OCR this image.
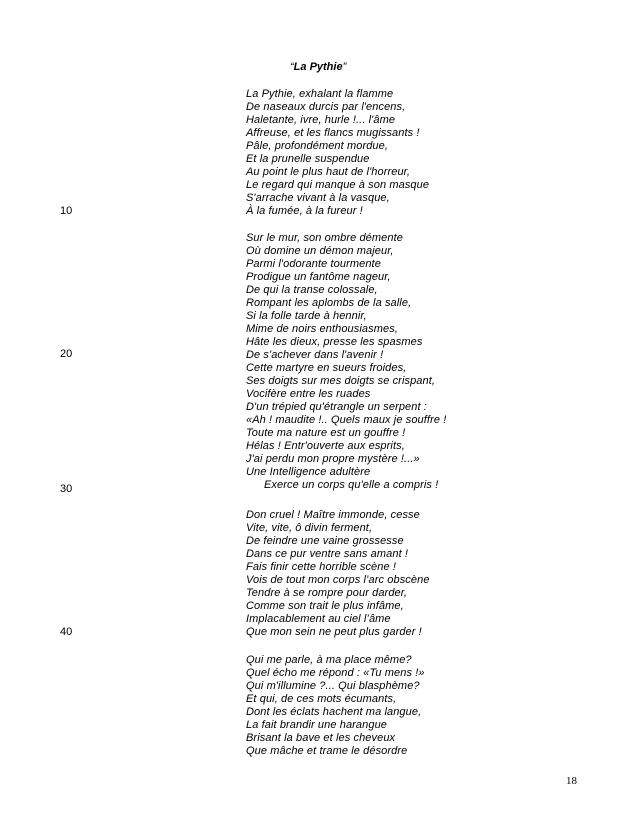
“La Pythie”
La Pythie, exhalant la flamme
De naseaux durcis par l'encens,
Haletante, ivre, hurle !... l'âme
Affreuse, et les flancs mugissants !
Pâle, profondément mordue,
Et la prunelle suspendue
Au point le plus haut de l'horreur,
Le regard qui manque à son masque
S'arrache vivant à la vasque,
À la fumée, à la fureur !
Sur le mur, son ombre démente
Où domine un démon majeur,
Parmi l'odorante tourmente
Prodigue un fantôme nageur,
De qui la transe colossale,
Rompant les aplombs de la salle,
Si la folle tarde à hennir,
Mime de noirs enthousiasmes,
Hâte les dieux, presse les spasmes
De s'achever dans l'avenir !
Cette martyre en sueurs froides,
Ses doigts sur mes doigts se crispant,
Vocifère entre les ruades
D'un trépied qu'étrangle un serpent :
«Ah ! maudite !.. Quels maux je souffre !
Toute ma nature est un gouffre !
Hélas ! Entr'ouverte aux esprits,
J'ai perdu mon propre mystère !...»
Une Intelligence adultère
Exerce un corps qu'elle a compris !
Don cruel ! Maître immonde, cesse
Vite, vite, ô divin ferment,
De feindre une vaine grossesse
Dans ce pur ventre sans amant !
Fais finir cette horrible scène !
Vois de tout mon corps l’arc obscène
Tendre à se rompre pour darder,
Comme son trait le plus infâme,
Implacablement au ciel l’âme
Que mon sein ne peut plus garder !
Qui me parle, à ma place même?
Quel écho me répond : «Tu mens !»
Qui m'illumine ?... Qui blasphème?
Et qui, de ces mots écumants,
Dont les éclats hachent ma langue,
La fait brandir une harangue
Brisant la bave et les cheveux
Que mâche et trame le désordre
10
20
30
40
18
